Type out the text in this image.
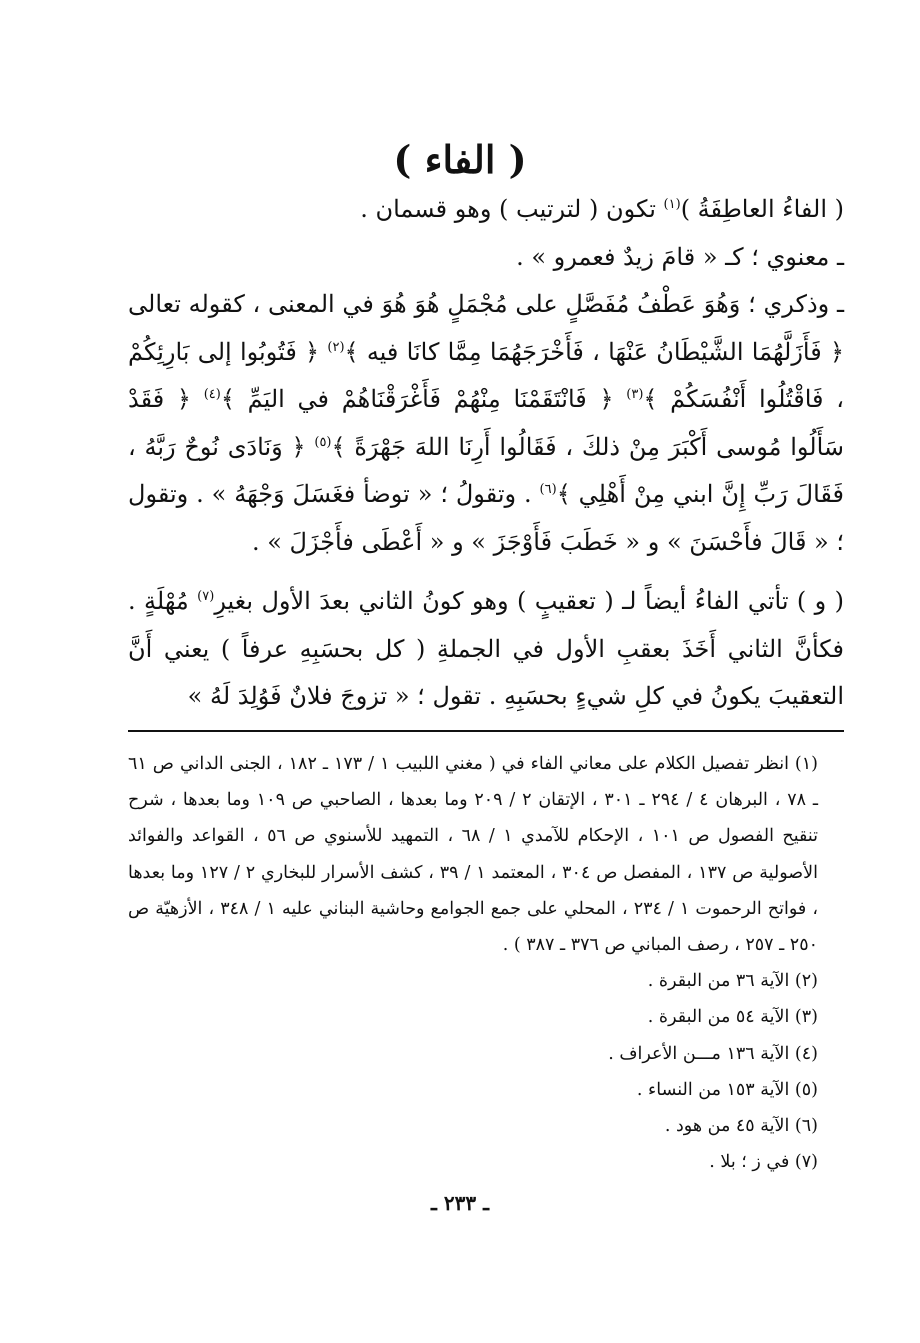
( الفاء )

( الفاءُ العاطِفَةُ )$^{(١)}$ تكون ( لترتيب ) وهو قسمان .

ـ معنوي ؛ كـ « قامَ زيدٌ فعمرو » .

ـ وذكري ؛ وَهُوَ عَطْفُ مُفَصَّلٍ على مُجْمَلٍ هُوَ هُوَ في المعنى ، كقوله تعالى ﴿ فَأَزَلَّهُمَا الشَّيْطَانُ عَنْهَا ، فَأَخْرَجَهُمَا مِمَّا كانَا فيه ﴾$^{(٢)}$ ﴿ فَتُوبُوا إلى بَارِئِكُمْ ، فَاقْتُلُوا أَنْفُسَكُمْ ﴾$^{(٣)}$ ﴿ فَانْتَقَمْنَا مِنْهُمْ فَأَغْرَقْنَاهُمْ في اليَمِّ ﴾$^{(٤)}$ ﴿ فَقَدْ سَأَلُوا مُوسى أَكْبَرَ مِنْ ذلكَ ، فَقَالُوا أَرِنَا اللهَ جَهْرَةً ﴾$^{(٥)}$ ﴿ وَنَادَى نُوحٌ رَبَّهُ ، فَقَالَ رَبِّ إِنَّ ابني مِنْ أَهْلِي ﴾$^{(٦)}$ . وتقولُ ؛ « توضأ فغَسَلَ وَجْهَهُ » . وتقول ؛ « قَالَ فأَحْسَنَ » و « خَطَبَ فَأَوْجَزَ » و « أَعْطَى فأَجْزَلَ » .

( و ) تأتي الفاءُ أيضاً لـ ( تعقيبٍ ) وهو كونُ الثاني بعدَ الأول بغيرِ$^{(٧)}$ مُهْلَةٍ . فكأنَّ الثاني أَخَذَ بعقبِ الأول في الجملةِ ( كل بحسَبِهِ عرفاً ) يعني أَنَّ التعقيبَ يكونُ في كلِ شيءٍ بحسَبِهِ . تقول ؛ « تزوجَ فلانٌ فَوُلِدَ لَهُ »

(١) انظر تفصيل الكلام على معاني الفاء في ( مغني اللبيب ١ / ١٧٣ ـ ١٨٢ ، الجنى الداني ص ٦١ ـ ٧٨ ، البرهان ٤ / ٢٩٤ ـ ٣٠١ ، الإتقان ٢ / ٢٠٩ وما بعدها ، الصاحبي ص ١٠٩ وما بعدها ، شرح تنقيح الفصول ص ١٠١ ، الإحكام للآمدي ١ / ٦٨ ، التمهيد للأسنوي ص ٥٦ ، القواعد والفوائد الأصولية ص ١٣٧ ، المفصل ص ٣٠٤ ، المعتمد ١ / ٣٩ ، كشف الأسرار للبخاري ٢ / ١٢٧ وما بعدها ، فواتح الرحموت ١ / ٢٣٤ ، المحلي على جمع الجوامع وحاشية البناني عليه ١ / ٣٤٨ ، الأزهيّة ص ٢٥٠ ـ ٢٥٧ ، رصف المباني ص ٣٧٦ ـ ٣٨٧ ) .

(٢) الآية ٣٦ من البقرة .

(٣) الآية ٥٤ من البقرة .

(٤) الآية ١٣٦ مـــن الأعراف .

(٥) الآية ١٥٣ من النساء .

(٦) الآية ٤٥ من هود .

(٧) في ز ؛ بلا .

ـ ٢٣٣ ـ
